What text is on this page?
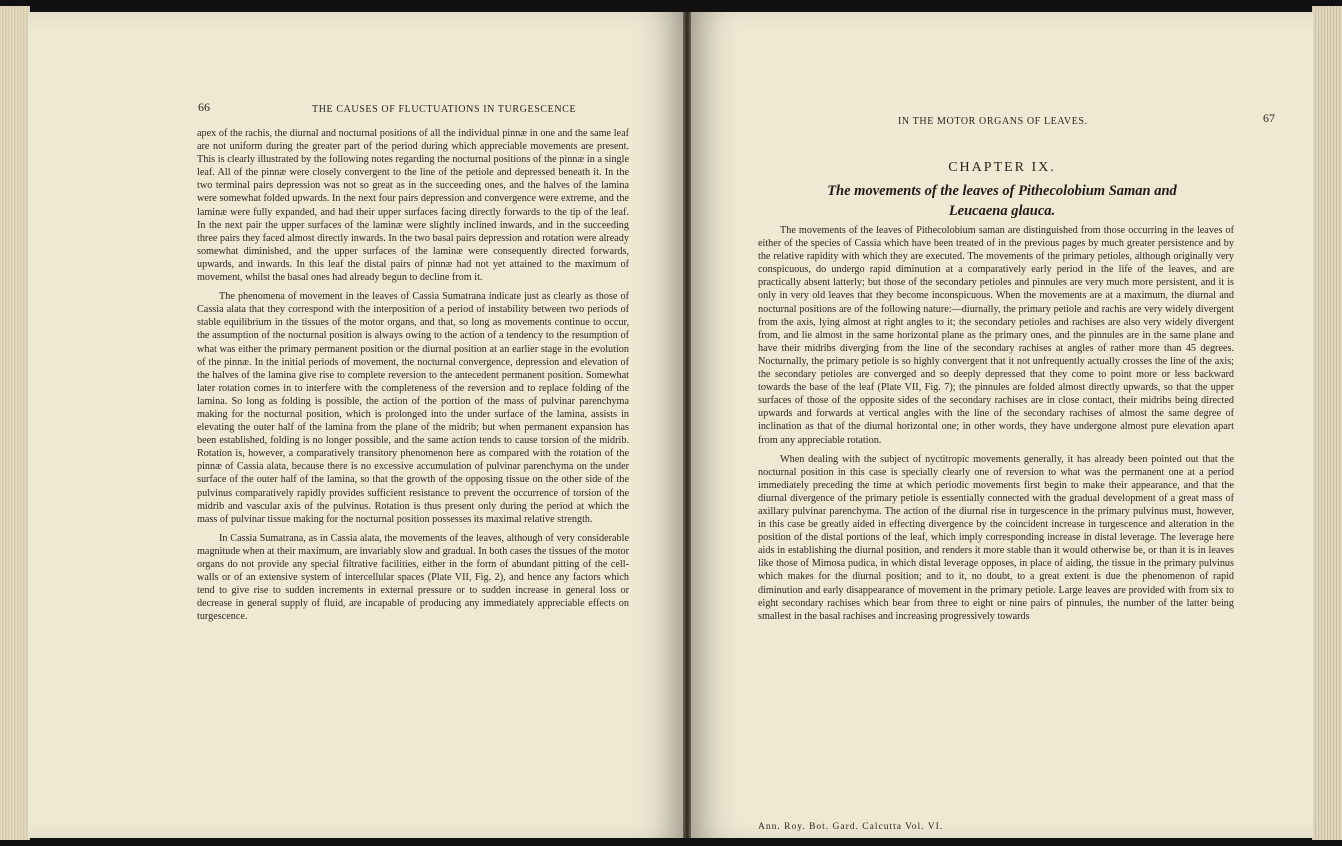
66	THE CAUSES OF FLUCTUATIONS IN TURGESCENCE

apex of the rachis, the diurnal and nocturnal positions of all the individual pinnæ in one and the same leaf are not uniform during the greater part of the period during which appreciable movements are present. This is clearly illustrated by the following notes regarding the nocturnal positions of the pinnæ in a single leaf. All of the pinnæ were closely convergent to the line of the petiole and depressed beneath it. In the two terminal pairs depression was not so great as in the succeeding ones, and the halves of the lamina were somewhat folded upwards. In the next four pairs depression and convergence were extreme, and the laminæ were fully expanded, and had their upper surfaces facing directly forwards to the tip of the leaf. In the next pair the upper surfaces of the laminæ were slightly inclined inwards, and in the succeeding three pairs they faced almost directly inwards. In the two basal pairs depression and rotation were already somewhat diminished, and the upper surfaces of the laminæ were consequently directed forwards, upwards, and inwards. In this leaf the distal pairs of pinnæ had not yet attained to the maximum of movement, whilst the basal ones had already begun to decline from it.

The phenomena of movement in the leaves of Cassia Sumatrana indicate just as clearly as those of Cassia alata that they correspond with the interposition of a period of instability between two periods of stable equilibrium in the tissues of the motor organs, and that, so long as movements continue to occur, the assumption of the nocturnal position is always owing to the action of a tendency to the resumption of what was either the primary permanent position or the diurnal position at an earlier stage in the evolution of the pinnæ. In the initial periods of movement, the nocturnal convergence, depression and elevation of the halves of the lamina give rise to complete reversion to the antecedent permanent position. Somewhat later rotation comes in to interfere with the completeness of the reversion and to replace folding of the lamina. So long as folding is possible, the action of the portion of the mass of pulvinar parenchyma making for the nocturnal position, which is prolonged into the under surface of the lamina, assists in elevating the outer half of the lamina from the plane of the midrib; but when permanent expansion has been established, folding is no longer possible, and the same action tends to cause torsion of the midrib. Rotation is, however, a comparatively transitory phenomenon here as compared with the rotation of the pinnæ of Cassia alata, because there is no excessive accumulation of pulvinar parenchyma on the under surface of the outer half of the lamina, so that the growth of the opposing tissue on the other side of the pulvinus comparatively rapidly provides sufficient resistance to prevent the occurrence of torsion of the midrib and vascular axis of the pulvinus. Rotation is thus present only during the period at which the mass of pulvinar tissue making for the nocturnal position possesses its maximal relative strength.

In Cassia Sumatrana, as in Cassia alata, the movements of the leaves, although of very considerable magnitude when at their maximum, are invariably slow and gradual. In both cases the tissues of the motor organs do not provide any special filtrative facilities, either in the form of abundant pitting of the cell-walls or of an extensive system of intercellular spaces (Plate VII, Fig. 2), and hence any factors which tend to give rise to sudden increments in external pressure or to sudden increase in general loss or decrease in general supply of fluid, are incapable of producing any immediately appreciable effects on turgescence.

IN THE MOTOR ORGANS OF LEAVES.	67
CHAPTER IX.
The movements of the leaves of Pithecolobium Saman and
Leucaena glauca.

The movements of the leaves of Pithecolobium saman are distinguished from those occurring in the leaves of either of the species of Cassia which have been treated of in the previous pages by much greater persistence and by the relative rapidity with which they are executed. The movements of the primary petioles, although originally very conspicuous, do undergo rapid diminution at a comparatively early period in the life of the leaves, and are practically absent latterly; but those of the secondary petioles and pinnules are very much more persistent, and it is only in very old leaves that they become inconspicuous. When the movements are at a maximum, the diurnal and nocturnal positions are of the following nature:—diurnally, the primary petiole and rachis are very widely divergent from the axis, lying almost at right angles to it; the secondary petioles and rachises are also very widely divergent from, and lie almost in the same horizontal plane as the primary ones, and the pinnules are in the same plane and have their midribs diverging from the line of the secondary rachises at angles of rather more than 45 degrees. Nocturnally, the primary petiole is so highly convergent that it not unfrequently actually crosses the line of the axis; the secondary petioles are converged and so deeply depressed that they come to point more or less backward towards the base of the leaf (Plate VII, Fig. 7); the pinnules are folded almost directly upwards, so that the upper surfaces of those of the opposite sides of the secondary rachises are in close contact, their midribs being directed upwards and forwards at vertical angles with the line of the secondary rachises of almost the same degree of inclination as that of the diurnal horizontal one; in other words, they have undergone almost pure elevation apart from any appreciable rotation.

When dealing with the subject of nyctitropic movements generally, it has already been pointed out that the nocturnal position in this case is specially clearly one of reversion to what was the permanent one at a period immediately preceding the time at which periodic movements first begin to make their appearance, and that the diurnal divergence of the primary petiole is essentially connected with the gradual development of a great mass of axillary pulvinar parenchyma. The action of the diurnal rise in turgescence in the primary pulvinus must, however, in this case be greatly aided in effecting divergence by the coincident increase in turgescence and alteration in the position of the distal portions of the leaf, which imply corresponding increase in distal leverage. The leverage here aids in establishing the diurnal position, and renders it more stable than it would otherwise be, or than it is in leaves like those of Mimosa pudica, in which distal leverage opposes, in place of aiding, the tissue in the primary pulvinus which makes for the diurnal position; and to it, no doubt, to a great extent is due the phenomenon of rapid diminution and early disappearance of movement in the primary petiole. Large leaves are provided with from six to eight secondary rachises which bear from three to eight or nine pairs of pinnules, the number of the latter being smallest in the basal rachises and increasing progressively towards

Ann. Roy. Bot. Gard. Calcutta Vol. VI.
